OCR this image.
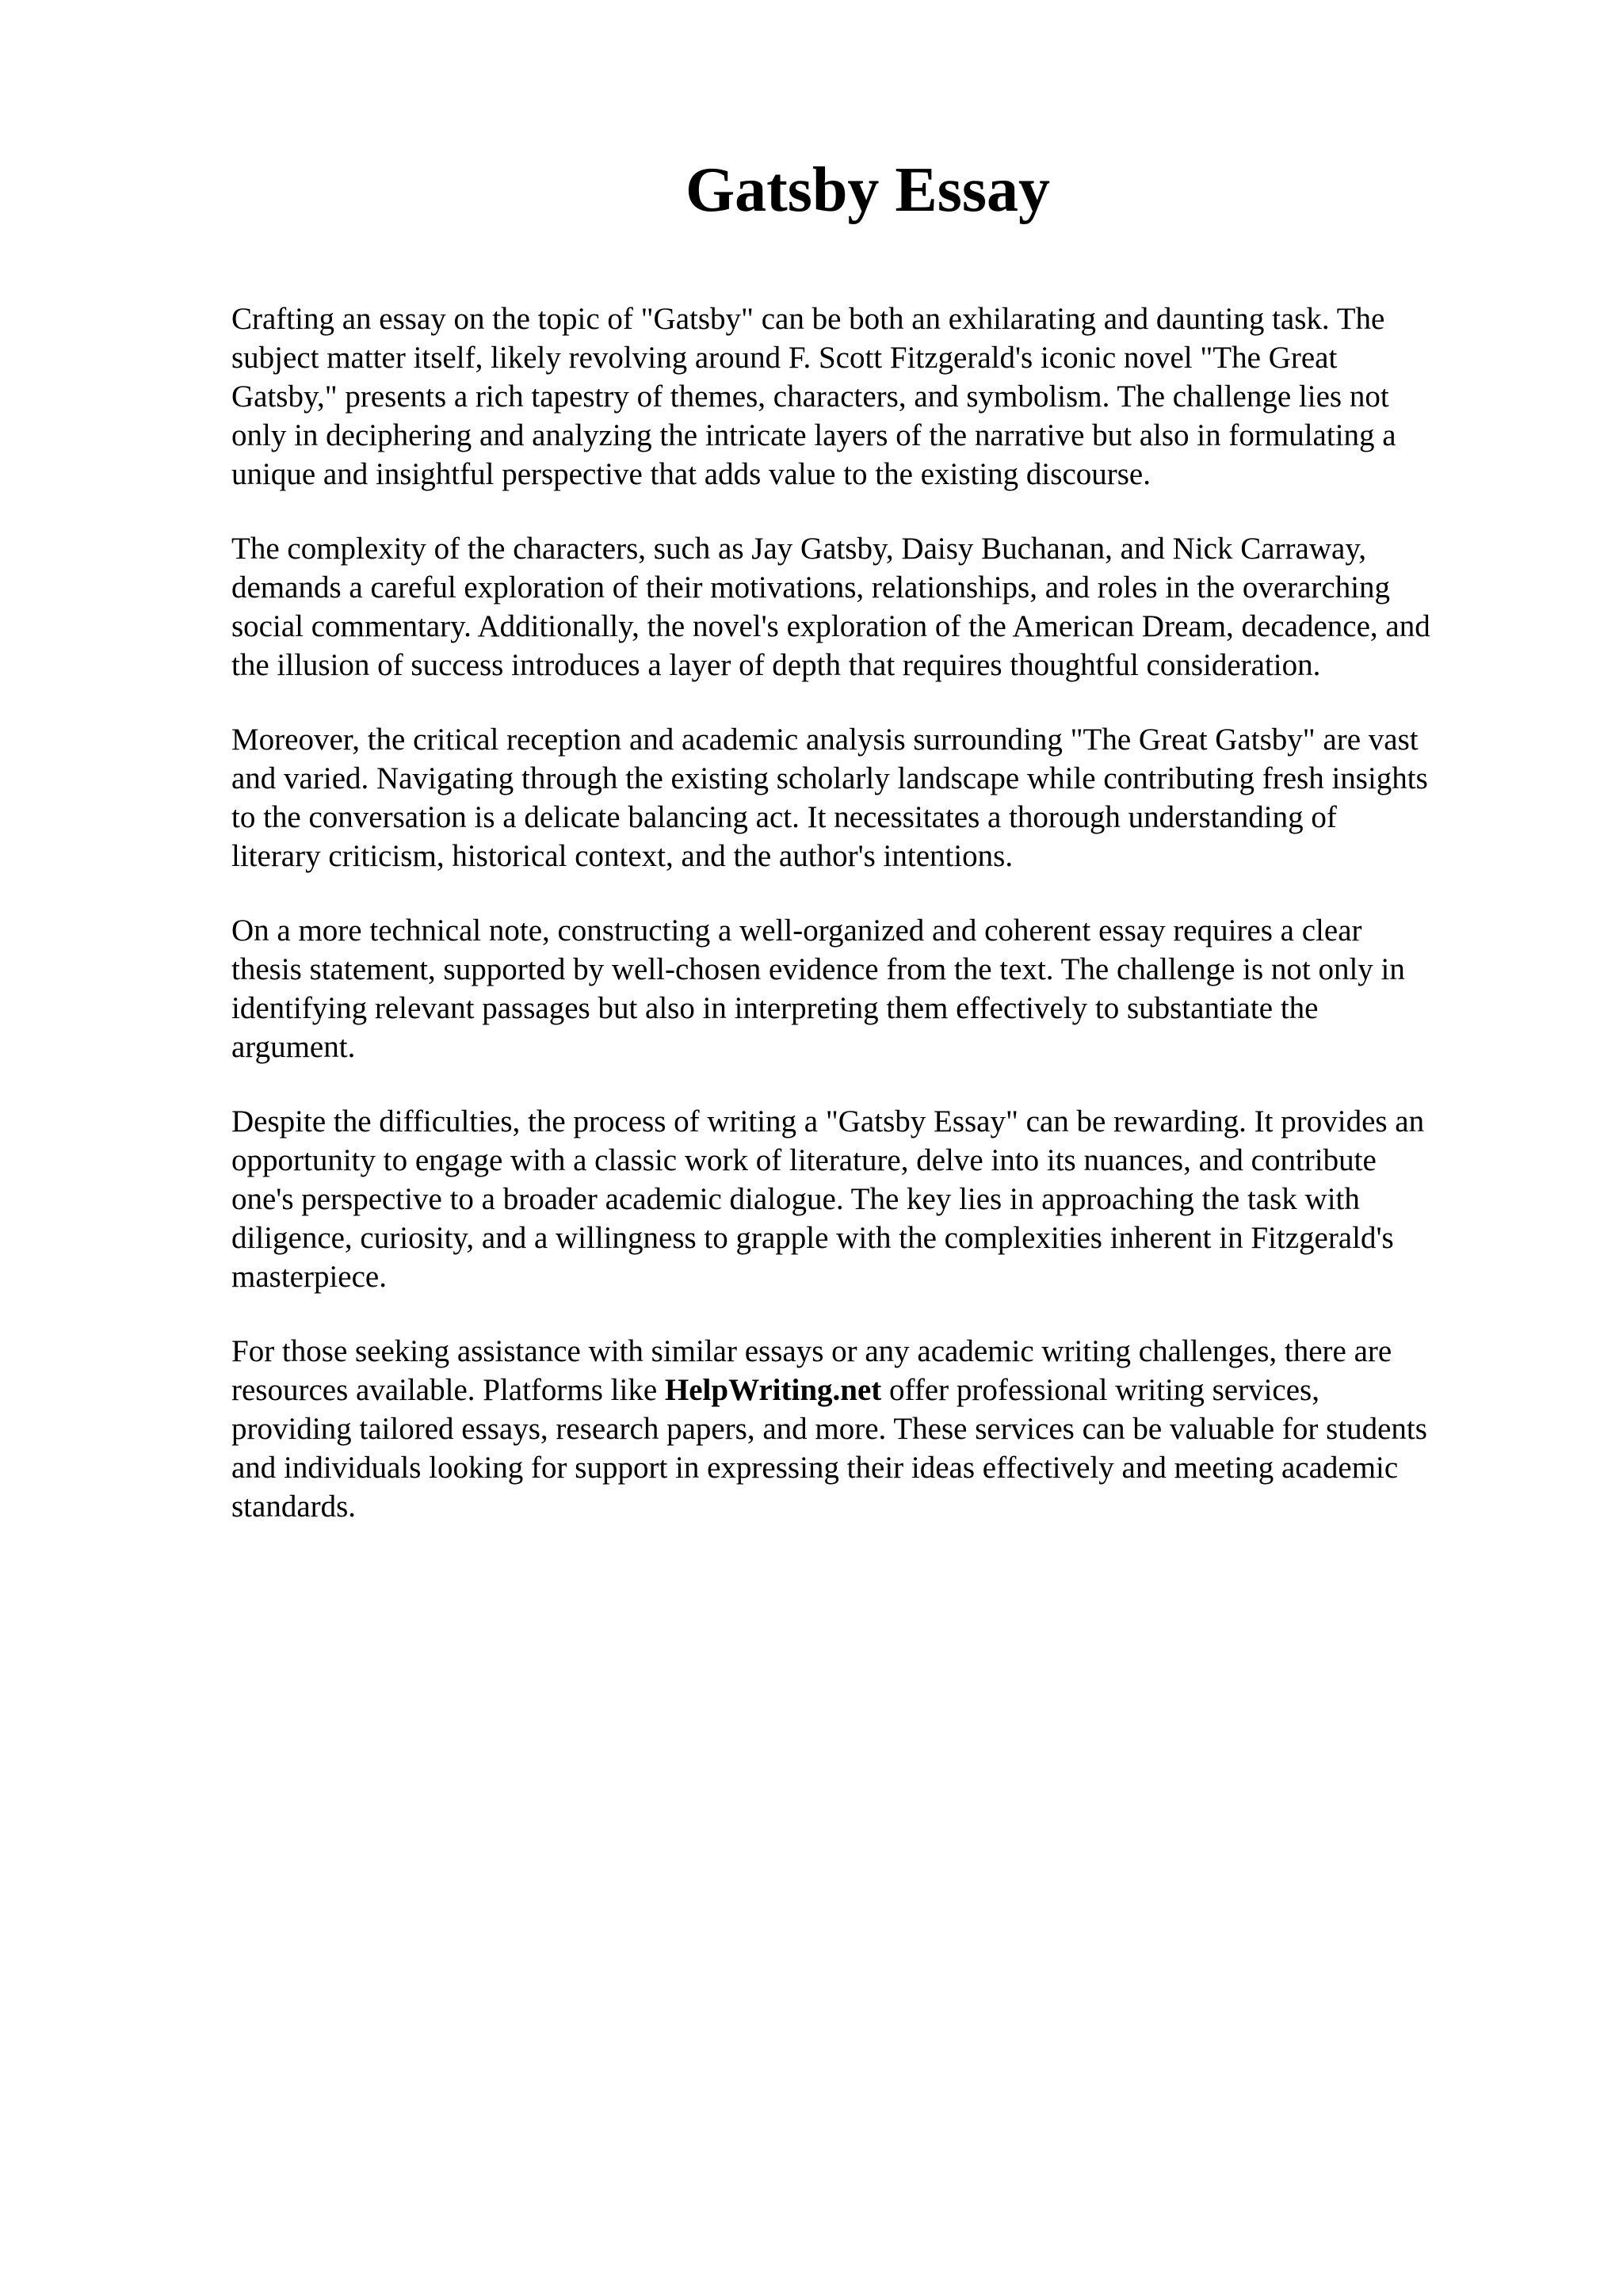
Gatsby Essay

Crafting an essay on the topic of "Gatsby" can be both an exhilarating and daunting task. The
subject matter itself, likely revolving around F. Scott Fitzgerald's iconic novel "The Great
Gatsby," presents a rich tapestry of themes, characters, and symbolism. The challenge lies not
only in deciphering and analyzing the intricate layers of the narrative but also in formulating a
unique and insightful perspective that adds value to the existing discourse.

The complexity of the characters, such as Jay Gatsby, Daisy Buchanan, and Nick Carraway,
demands a careful exploration of their motivations, relationships, and roles in the overarching
social commentary. Additionally, the novel's exploration of the American Dream, decadence, and
the illusion of success introduces a layer of depth that requires thoughtful consideration.

Moreover, the critical reception and academic analysis surrounding "The Great Gatsby" are vast
and varied. Navigating through the existing scholarly landscape while contributing fresh insights
to the conversation is a delicate balancing act. It necessitates a thorough understanding of
literary criticism, historical context, and the author's intentions.

On a more technical note, constructing a well-organized and coherent essay requires a clear
thesis statement, supported by well-chosen evidence from the text. The challenge is not only in
identifying relevant passages but also in interpreting them effectively to substantiate the
argument.

Despite the difficulties, the process of writing a "Gatsby Essay" can be rewarding. It provides an
opportunity to engage with a classic work of literature, delve into its nuances, and contribute
one's perspective to a broader academic dialogue. The key lies in approaching the task with
diligence, curiosity, and a willingness to grapple with the complexities inherent in Fitzgerald's
masterpiece.

For those seeking assistance with similar essays or any academic writing challenges, there are
resources available. Platforms like HelpWriting.net offer professional writing services,
providing tailored essays, research papers, and more. These services can be valuable for students
and individuals looking for support in expressing their ideas effectively and meeting academic
standards.
